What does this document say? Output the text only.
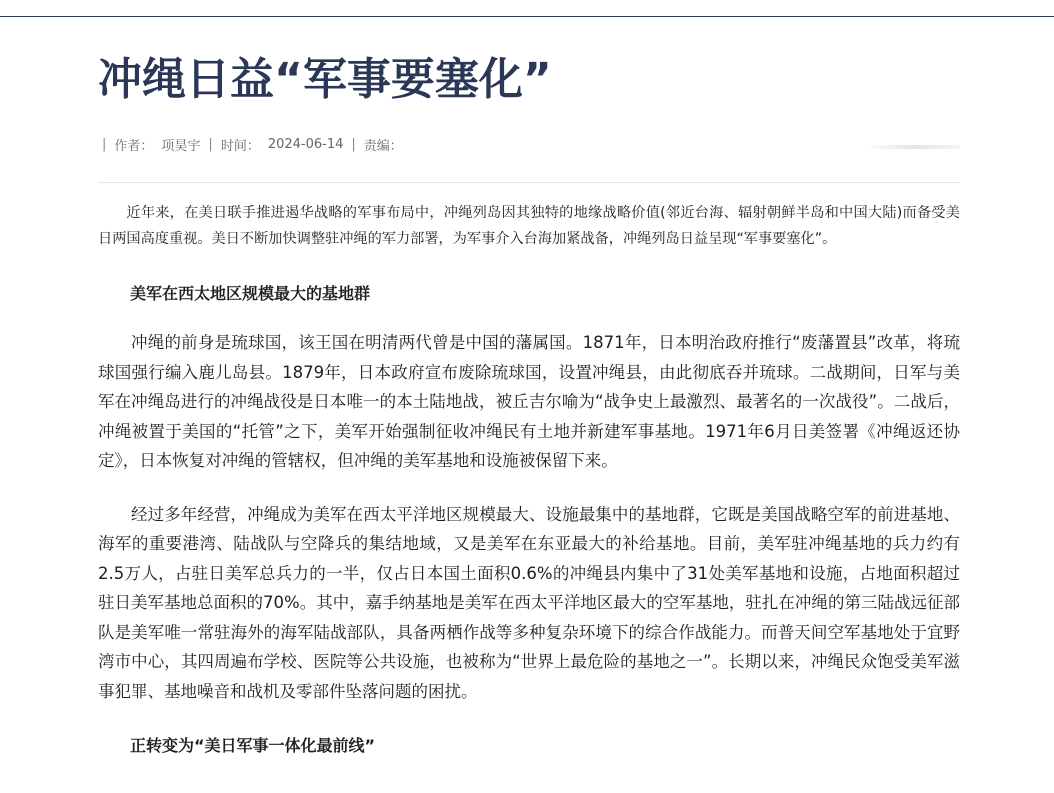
冲绳日益“军事要塞化”
| 作者： 项昊宇 | 时间： 2024-06-14 | 责编：

近年来，在美日联手推进遏华战略的军事布局中，冲绳列岛因其独特的地缘战略价值(邻近台海、辐射朝鲜半岛和中国大陆)而备受美日两国高度重视。美日不断加快调整驻冲绳的军力部署，为军事介入台海加紧战备，冲绳列岛日益呈现“军事要塞化”。

美军在西太地区规模最大的基地群

冲绳的前身是琉球国，该王国在明清两代曾是中国的藩属国。1871年，日本明治政府推行“废藩置县”改革，将琉球国强行编入鹿儿岛县。1879年，日本政府宣布废除琉球国，设置冲绳县，由此彻底吞并琉球。二战期间，日军与美军在冲绳岛进行的冲绳战役是日本唯一的本土陆地战，被丘吉尔喻为“战争史上最激烈、最著名的一次战役”。二战后，冲绳被置于美国的“托管”之下，美军开始强制征收冲绳民有土地并新建军事基地。1971年6月日美签署《冲绳返还协定》，日本恢复对冲绳的管辖权，但冲绳的美军基地和设施被保留下来。

经过多年经营，冲绳成为美军在西太平洋地区规模最大、设施最集中的基地群，它既是美国战略空军的前进基地、海军的重要港湾、陆战队与空降兵的集结地域，又是美军在东亚最大的补给基地。目前，美军驻冲绳基地的兵力约有2.5万人，占驻日美军总兵力的一半，仅占日本国土面积0.6%的冲绳县内集中了31处美军基地和设施，占地面积超过驻日美军基地总面积的70%。其中，嘉手纳基地是美军在西太平洋地区最大的空军基地，驻扎在冲绳的第三陆战远征部队是美军唯一常驻海外的海军陆战部队，具备两栖作战等多种复杂环境下的综合作战能力。而普天间空军基地处于宜野湾市中心，其四周遍布学校、医院等公共设施，也被称为“世界上最危险的基地之一”。长期以来，冲绳民众饱受美军滋事犯罪、基地噪音和战机及零部件坠落问题的困扰。

正转变为“美日军事一体化最前线”
